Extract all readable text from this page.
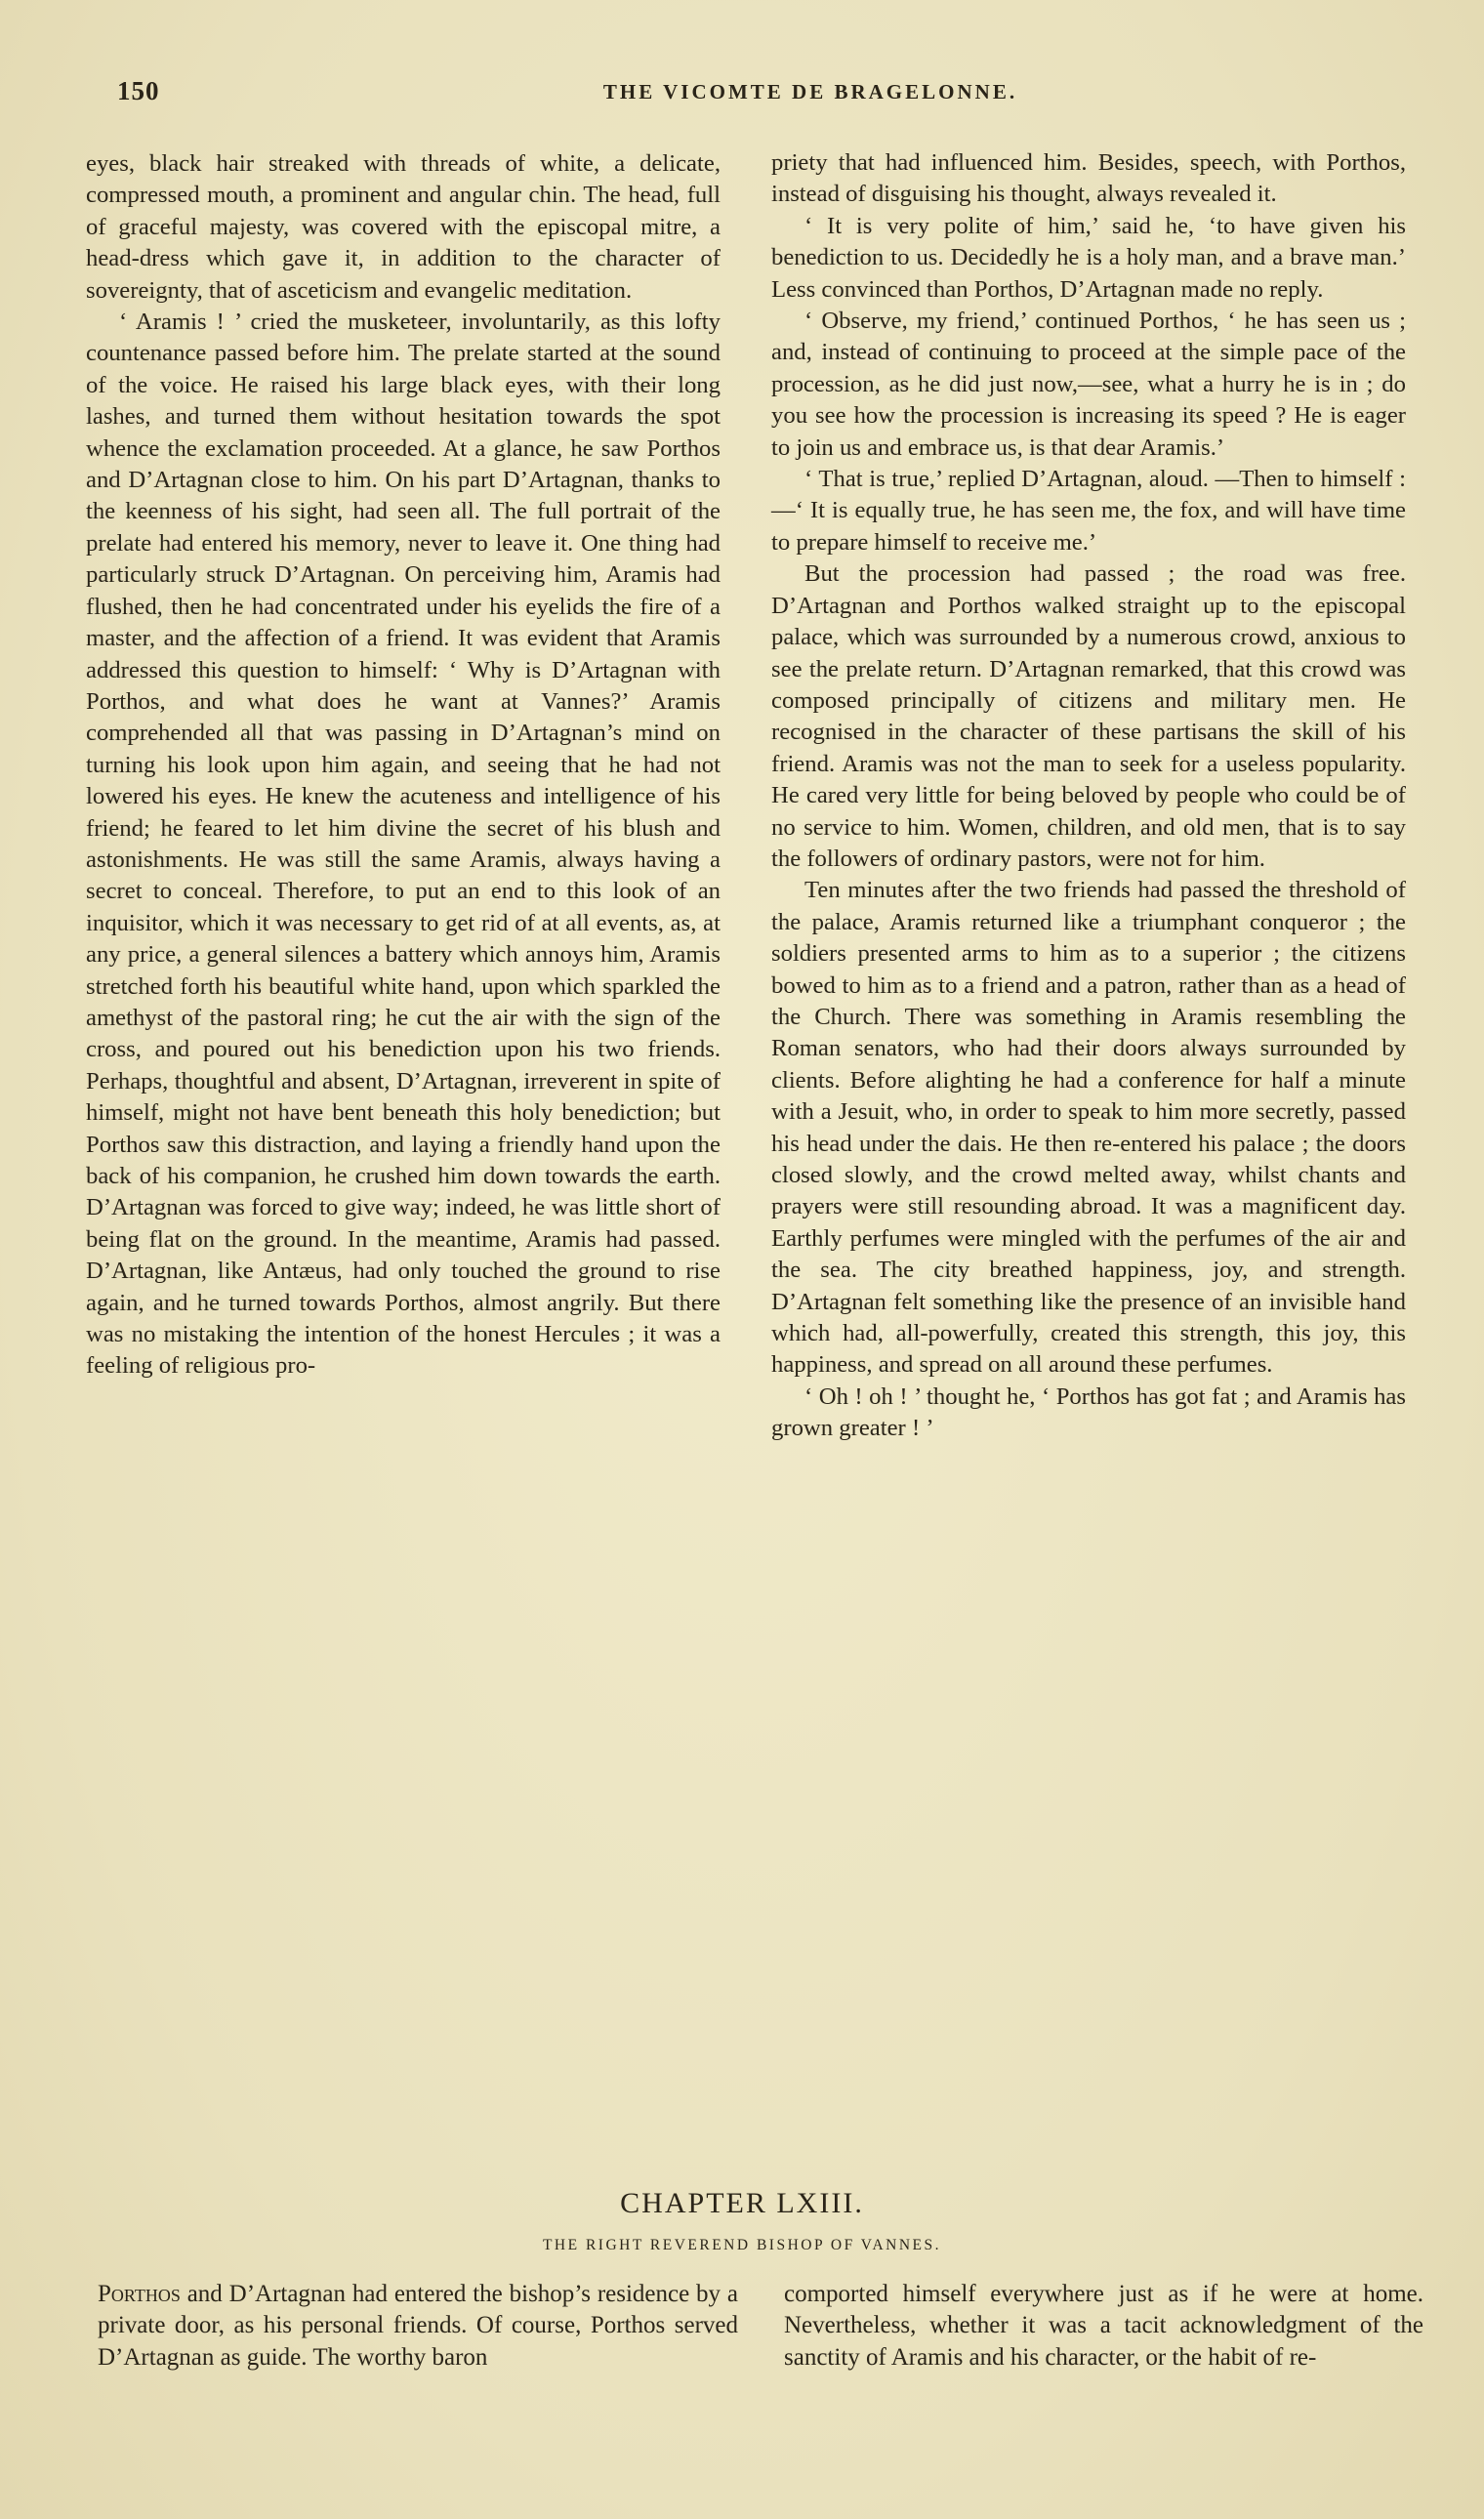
150	THE VICOMTE DE BRAGELONNE.

eyes, black hair streaked with threads of white, a delicate, compressed mouth, a prominent and angular chin. The head, full of graceful majesty, was covered with the episcopal mitre, a head-dress which gave it, in addition to the character of sovereignty, that of asceticism and evangelic meditation.

‘ Aramis ! ’ cried the musketeer, involuntarily, as this lofty countenance passed before him. The prelate started at the sound of the voice. He raised his large black eyes, with their long lashes, and turned them without hesitation towards the spot whence the exclamation proceeded. At a glance, he saw Porthos and D’Artagnan close to him. On his part D’Artagnan, thanks to the keenness of his sight, had seen all. The full portrait of the prelate had entered his memory, never to leave it. One thing had particularly struck D’Artagnan. On perceiving him, Aramis had flushed, then he had concentrated under his eyelids the fire of a master, and the affection of a friend. It was evident that Aramis addressed this question to himself: ‘ Why is D’Artagnan with Porthos, and what does he want at Vannes?’ Aramis comprehended all that was passing in D’Artagnan’s mind on turning his look upon him again, and seeing that he had not lowered his eyes. He knew the acuteness and intelligence of his friend; he feared to let him divine the secret of his blush and astonishments. He was still the same Aramis, always having a secret to conceal. Therefore, to put an end to this look of an inquisitor, which it was necessary to get rid of at all events, as, at any price, a general silences a battery which annoys him, Aramis stretched forth his beautiful white hand, upon which sparkled the amethyst of the pastoral ring; he cut the air with the sign of the cross, and poured out his benediction upon his two friends. Perhaps, thoughtful and absent, D’Artagnan, irreverent in spite of himself, might not have bent beneath this holy benediction; but Porthos saw this distraction, and laying a friendly hand upon the back of his companion, he crushed him down towards the earth. D’Artagnan was forced to give way; indeed, he was little short of being flat on the ground. In the meantime, Aramis had passed. D’Artagnan, like Antæus, had only touched the ground to rise again, and he turned towards Porthos, almost angrily. But there was no mistaking the intention of the honest Hercules ; it was a feeling of religious pro-

priety that had influenced him. Besides, speech, with Porthos, instead of disguising his thought, always revealed it.

‘ It is very polite of him,’ said he, ‘to have given his benediction to us. Decidedly he is a holy man, and a brave man.’ Less convinced than Porthos, D’Artagnan made no reply.

‘ Observe, my friend,’ continued Porthos, ‘ he has seen us ; and, instead of continuing to proceed at the simple pace of the procession, as he did just now,—see, what a hurry he is in ; do you see how the procession is increasing its speed ? He is eager to join us and embrace us, is that dear Aramis.’

‘ That is true,’ replied D’Artagnan, aloud. —Then to himself :—‘ It is equally true, he has seen me, the fox, and will have time to prepare himself to receive me.’

But the procession had passed ; the road was free. D’Artagnan and Porthos walked straight up to the episcopal palace, which was surrounded by a numerous crowd, anxious to see the prelate return. D’Artagnan remarked, that this crowd was composed principally of citizens and military men. He recognised in the character of these partisans the skill of his friend. Aramis was not the man to seek for a useless popularity. He cared very little for being beloved by people who could be of no service to him. Women, children, and old men, that is to say the followers of ordinary pastors, were not for him.

Ten minutes after the two friends had passed the threshold of the palace, Aramis returned like a triumphant conqueror ; the soldiers presented arms to him as to a superior ; the citizens bowed to him as to a friend and a patron, rather than as a head of the Church. There was something in Aramis resembling the Roman senators, who had their doors always surrounded by clients. Before alighting he had a conference for half a minute with a Jesuit, who, in order to speak to him more secretly, passed his head under the dais. He then re-entered his palace ; the doors closed slowly, and the crowd melted away, whilst chants and prayers were still resounding abroad. It was a magnificent day. Earthly perfumes were mingled with the perfumes of the air and the sea. The city breathed happiness, joy, and strength. D’Artagnan felt something like the presence of an invisible hand which had, all-powerfully, created this strength, this joy, this happiness, and spread on all around these perfumes.

‘ Oh ! oh ! ’ thought he, ‘ Porthos has got fat ; and Aramis has grown greater ! ’

CHAPTER LXIII.
THE RIGHT REVEREND BISHOP OF VANNES.

Porthos and D’Artagnan had entered the bishop’s residence by a private door, as his personal friends. Of course, Porthos served D’Artagnan as guide. The worthy baron

comported himself everywhere just as if he were at home. Nevertheless, whether it was a tacit acknowledgment of the sanctity of Aramis and his character, or the habit of re-
